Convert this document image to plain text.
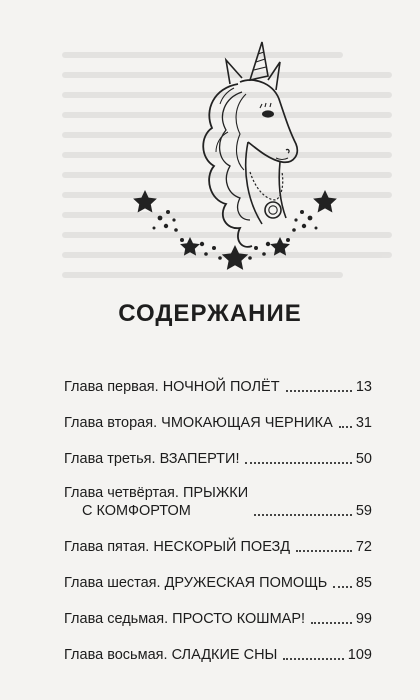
СОДЕРЖАНИЕ
Глава первая. НОЧНОЙ ПОЛЁТ	13
Глава вторая. ЧМОКАЮЩАЯ ЧЕРНИКА 31
Глава третья. ВЗАПЕРТИ!	50
Глава четвёртая. ПРЫЖКИ
С КОМФОРТОМ	59
Глава пятая. НЕСКОРЫЙ ПОЕЗД	72
Глава шестая. ДРУЖЕСКАЯ ПОМОЩЬ 85
Глава седьмая. ПРОСТО КОШМАР!	99
Глава восьмая. СЛАДКИЕ СНЫ	109
